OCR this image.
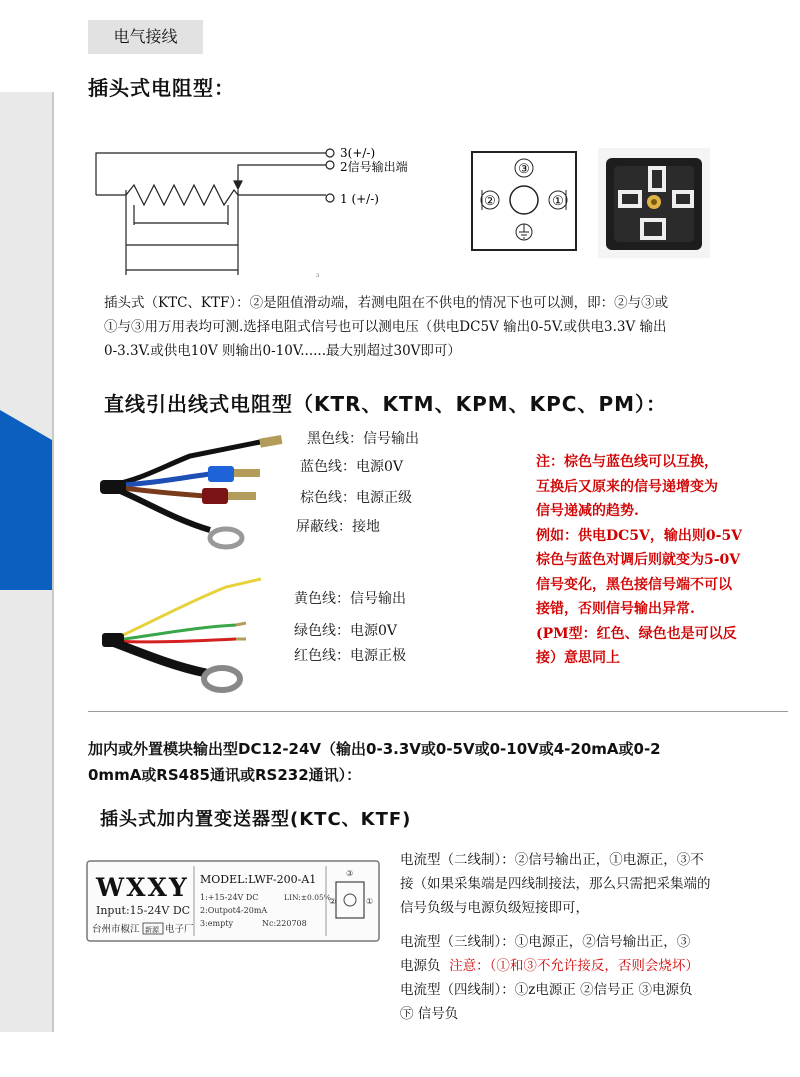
电气接线
插头式电阻型：
3(+/-)
2信号输出端
1 (+/-)
3
③
②	①
插头式（KTC、KTF）：②是阻值滑动端，若测电阻在不供电的情况下也可以测，即：②与③或
①与③用万用表均可测.选择电阻式信号也可以测电压（供电DC5V 输出0-5V.或供电3.3V 输出
0-3.3V.或供电10V 则输出0-10V......最大别超过30V即可）
直线引出线式电阻型（KTR、KTM、KPM、KPC、PM）：
黑色线：信号输出
蓝色线：电源0V
棕色线：电源正级
屏蔽线：接地
黄色线：信号输出
绿色线：电源0V
红色线：电源正极
注：棕色与蓝色线可以互换，
互换后又原来的信号递增变为
信号递减的趋势.
例如：供电DC5V，输出则0-5V
棕色与蓝色对调后则就变为5-0V
信号变化，黑色接信号端不可以
接错，否则信号输出异常.
(PM型：红色、绿色也是可以反
接）意思同上
加内或外置模块输出型DC12-24V（输出0-3.3V或0-5V或0-10V或4-20mA或0-2
0mmA或RS485通讯或RS232通讯）：
插头式加内置变送器型(KTC、KTF)
WXXY
Input:15-24V DC
台州市椒江 新源 电子厂
MODEL:LWF-200-A1
1:+15-24V DC	LIN:±0.05%
2:Outpot4-20mA
3:empty	Nc:220708
③
②	①
电流型（二线制）：②信号输出正，①电源正，③不
接（如果采集端是四线制接法，那么只需把采集端的
信号负级与电源负级短接即可，
电流型（三线制）：①电源正，②信号输出正，③
电源负 注意：（①和③不允许接反，否则会烧坏）
电流型（四线制）：①z电源正 ②信号正 ③电源负
㊦ 信号负
